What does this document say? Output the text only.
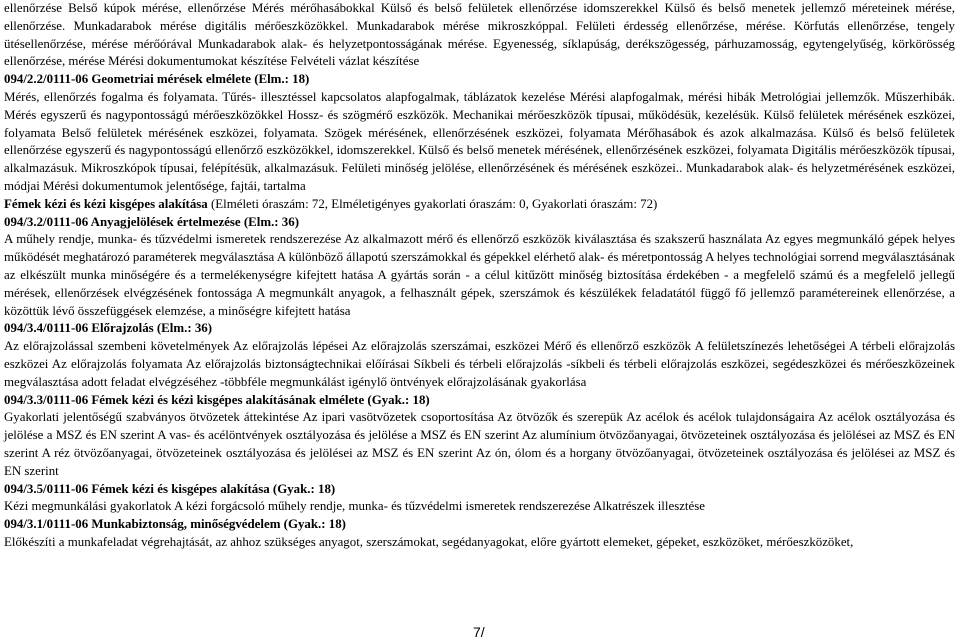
ellenőrzése Belső kúpok mérése, ellenőrzése Mérés mérőhasábokkal Külső és belső felületek ellenőrzése idomszerekkel Külső és belső menetek jellemző méreteinek mérése, ellenőrzése. Munkadarabok mérése digitális mérőeszközökkel. Munkadarabok mérése mikroszkóppal. Felületi érdesség ellenőrzése, mérése. Körfutás ellenőrzése, tengely ütésellenőrzése, mérése mérőórával Munkadarabok alak- és helyzetpontosságának mérése. Egyenesség, síklapúság, derékszögesség, párhuzamosság, egytengelyűség, körkörösség ellenőrzése, mérése Mérési dokumentumokat készítése Felvételi vázlat készítése

094/2.2/0111-06 Geometriai mérések elmélete (Elm.: 18)

Mérés, ellenőrzés fogalma és folyamata. Tűrés- illesztéssel kapcsolatos alapfogalmak, táblázatok kezelése Mérési alapfogalmak, mérési hibák Metrológiai jellemzők. Műszerhibák. Mérés egyszerű és nagypontosságú mérőeszközökkel Hossz- és szögmérő eszközök. Mechanikai mérőeszközök típusai, működésük, kezelésük. Külső felületek mérésének eszközei, folyamata Belső felületek mérésének eszközei, folyamata. Szögek mérésének, ellenőrzésének eszközei, folyamata Mérőhasábok és azok alkalmazása. Külső és belső felületek ellenőrzése egyszerű és nagypontosságú ellenőrző eszközökkel, idomszerekkel. Külső és belső menetek mérésének, ellenőrzésének eszközei, folyamata Digitális mérőeszközök típusai, alkalmazásuk. Mikroszkópok típusai, felépítésük, alkalmazásuk. Felületi minőség jelölése, ellenőrzésének és mérésének eszközei.. Munkadarabok alak- és helyzetmérésének eszközei, módjai Mérési dokumentumok jelentősége, fajtái, tartalma

Fémek kézi és kézi kisgépes alakítása (Elméleti óraszám: 72, Elméletigényes gyakorlati óraszám: 0, Gyakorlati óraszám: 72)

094/3.2/0111-06 Anyagjelölések értelmezése (Elm.: 36)

A műhely rendje, munka- és tűzvédelmi ismeretek rendszerezése Az alkalmazott mérő és ellenőrző eszközök kiválasztása és szakszerű használata Az egyes megmunkáló gépek helyes működését meghatározó paraméterek megválasztása A különböző állapotú szerszámokkal és gépekkel elérhető alak- és méretpontosság A helyes technológiai sorrend megválasztásának az elkészült munka minőségére és a termelékenységre kifejtett hatása A gyártás során - a célul kitűzött minőség biztosítása érdekében - a megfelelő számú és a megfelelő jellegű mérések, ellenőrzések elvégzésének fontossága A megmunkált anyagok, a felhasznált gépek, szerszámok és készülékek feladatától függő fő jellemző paramétereinek ellenőrzése, a közöttük lévő összefüggések elemzése, a minőségre kifejtett hatása

094/3.4/0111-06 Előrajzolás (Elm.: 36)

Az előrajzolással szembeni követelmények Az előrajzolás lépései Az előrajzolás szerszámai, eszközei Mérő és ellenőrző eszközök A felületszínezés lehetőségei A térbeli előrajzolás eszközei Az előrajzolás folyamata Az előrajzolás biztonságtechnikai előírásai Síkbeli és térbeli előrajzolás -síkbeli és térbeli előrajzolás eszközei, segédeszközei és mérőeszközeinek megválasztása adott feladat elvégzéséhez -többféle megmunkálást igénylő öntvények előrajzolásának gyakorlása

094/3.3/0111-06 Fémek kézi és kézi kisgépes alakításának elmélete (Gyak.: 18)

Gyakorlati jelentőségű szabványos ötvözetek áttekintése Az ipari vasötvözetek csoportosítása Az ötvözők és szerepük Az acélok és acélok tulajdonságaira Az acélok osztályozása és jelölése a MSZ és EN szerint A vas- és acélöntvények osztályozása és jelölése a MSZ és EN szerint Az alumínium ötvözőanyagai, ötvözeteinek osztályozása és jelölései az MSZ és EN szerint A réz ötvözőanyagai, ötvözeteinek osztályozása és jelölései az MSZ és EN szerint Az ón, ólom és a horgany ötvözőanyagai, ötvözeteinek osztályozása és jelölései az MSZ és EN szerint

094/3.5/0111-06 Fémek kézi és kisgépes alakítása (Gyak.: 18)

Kézi megmunkálási gyakorlatok A kézi forgácsoló műhely rendje, munka- és tűzvédelmi ismeretek rendszerezése Alkatrészek illesztése

094/3.1/0111-06 Munkabiztonság, minőségvédelem (Gyak.: 18)

Előkészíti a munkafeladat végrehajtását, az ahhoz szükséges anyagot, szerszámokat, segédanyagokat, előre gyártott elemeket, gépeket, eszközöket, mérőeszközöket,

7/
